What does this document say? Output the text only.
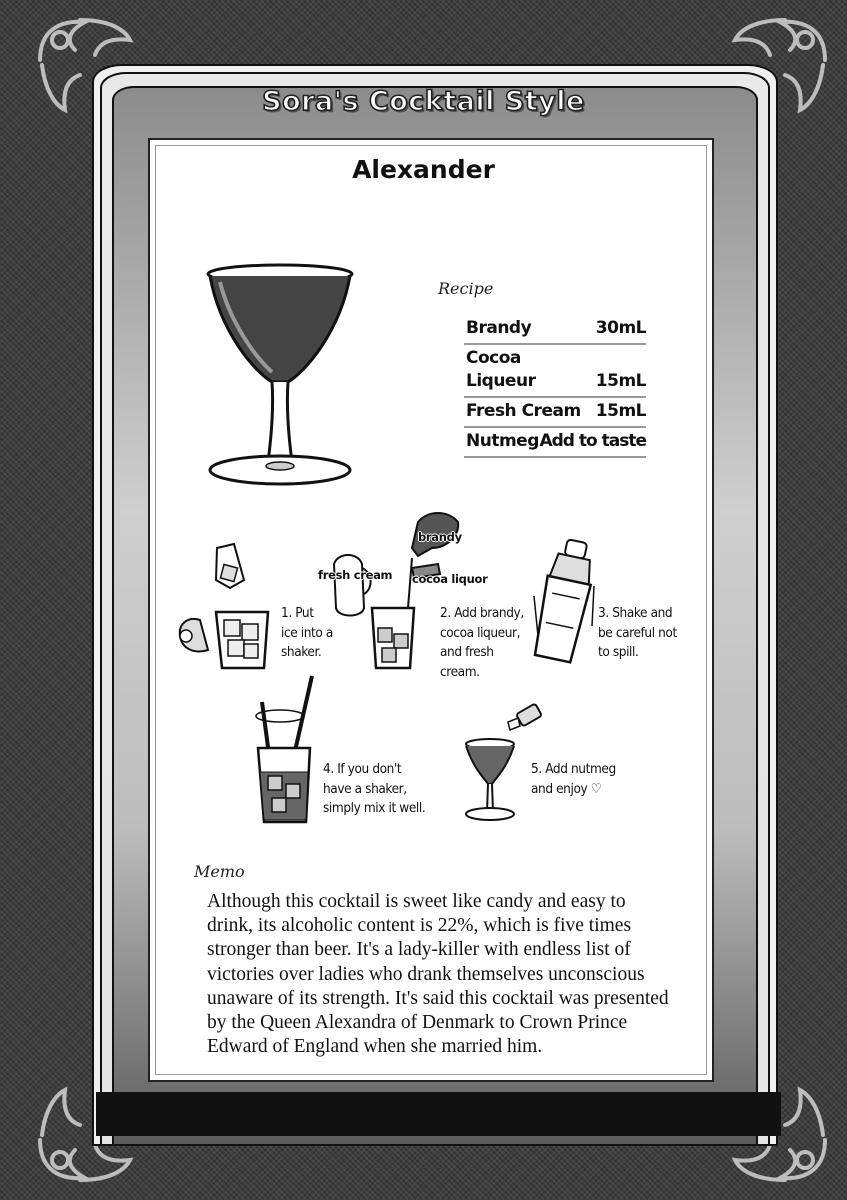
Sora's Cocktail Style
Alexander
Recipe
Brandy	30mL
Cocoa
Liqueur	15mL
Fresh Cream 15mL
Nutmeg Add to taste
1. Put
ice into a
shaker.
brandy
fresh cream cocoa liquor
2. Add brandy,
cocoa liqueur,
and fresh
cream.
3. Shake and
be careful not
to spill.
4. If you don't
have a shaker,
simply mix it well.
5. Add nutmeg
and enjoy ♡
Memo
Although this cocktail is sweet like candy and easy to
drink, its alcoholic content is 22%, which is five times
stronger than beer. It's a lady-killer with endless list of
victories over ladies who drank themselves unconscious
unaware of its strength. It's said this cocktail was presented
by the Queen Alexandra of Denmark to Crown Prince
Edward of England when she married him.
